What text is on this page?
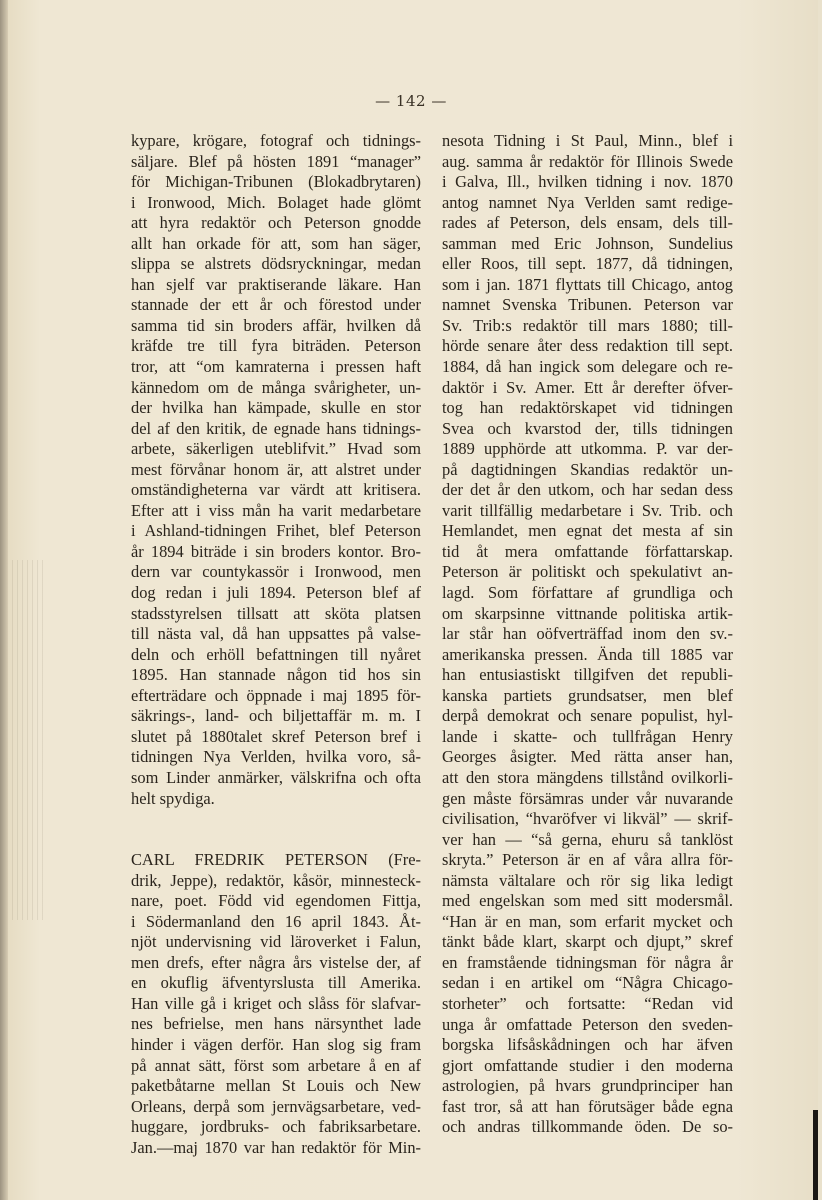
— 142 —
kypare, krögare, fotograf och tidnings-
säljare. Blef på hösten 1891 “manager”
för Michigan-Tribunen (Blokadbrytaren)
i Ironwood, Mich. Bolaget hade glömt
att hyra redaktör och Peterson gnodde
allt han orkade för att, som han säger,
slippa se alstrets dödsryckningar, medan
han sjelf var praktiserande läkare. Han
stannade der ett år och förestod under
samma tid sin broders affär, hvilken då
kräfde tre till fyra biträden. Peterson
tror, att “om kamraterna i pressen haft
kännedom om de många svårigheter, un-
der hvilka han kämpade, skulle en stor
del af den kritik, de egnade hans tidnings-
arbete, säkerligen uteblifvit.” Hvad som
mest förvånar honom är, att alstret under
omständigheterna var värdt att kritisera.
Efter att i viss mån ha varit medarbetare
i Ashland-tidningen Frihet, blef Peterson
år 1894 biträde i sin broders kontor. Bro-
dern var countykassör i Ironwood, men
dog redan i juli 1894. Peterson blef af
stadsstyrelsen tillsatt att sköta platsen
till nästa val, då han uppsattes på valse-
deln och erhöll befattningen till nyåret
1895. Han stannade någon tid hos sin
efterträdare och öppnade i maj 1895 för-
säkrings-, land- och biljettaffär m. m. I
slutet på 1880talet skref Peterson bref i
tidningen Nya Verlden, hvilka voro, så-
som Linder anmärker, välskrifna och ofta
helt spydiga.
CARL FREDRIK PETERSON (Fre-
drik, Jeppe), redaktör, kåsör, minnesteck-
nare, poet. Född vid egendomen Fittja,
i Södermanland den 16 april 1843. Åt-
njöt undervisning vid läroverket i Falun,
men drefs, efter några års vistelse der, af
en okuflig äfventyrslusta till Amerika.
Han ville gå i kriget och slåss för slafvar-
nes befrielse, men hans närsynthet lade
hinder i vägen derför. Han slog sig fram
på annat sätt, först som arbetare å en af
paketbåtarne mellan St Louis och New
Orleans, derpå som jernvägsarbetare, ved-
huggare, jordbruks- och fabriksarbetare.
Jan.—maj 1870 var han redaktör för Min-
nesota Tidning i St Paul, Minn., blef i
aug. samma år redaktör för Illinois Swede
i Galva, Ill., hvilken tidning i nov. 1870
antog namnet Nya Verlden samt redige-
rades af Peterson, dels ensam, dels till-
samman med Eric Johnson, Sundelius
eller Roos, till sept. 1877, då tidningen,
som i jan. 1871 flyttats till Chicago, antog
namnet Svenska Tribunen. Peterson var
Sv. Trib:s redaktör till mars 1880; till-
hörde senare åter dess redaktion till sept.
1884, då han ingick som delegare och re-
daktör i Sv. Amer. Ett år derefter öfver-
tog han redaktörskapet vid tidningen
Svea och kvarstod der, tills tidningen
1889 upphörde att utkomma. P. var der-
på dagtidningen Skandias redaktör un-
der det år den utkom, och har sedan dess
varit tillfällig medarbetare i Sv. Trib. och
Hemlandet, men egnat det mesta af sin
tid åt mera omfattande författarskap.
Peterson är politiskt och spekulativt an-
lagd. Som författare af grundliga och
om skarpsinne vittnande politiska artik-
lar står han oöfverträffad inom den sv.-
amerikanska pressen. Ända till 1885 var
han entusiastiskt tillgifven det republi-
kanska partiets grundsatser, men blef
derpå demokrat och senare populist, hyl-
lande i skatte- och tullfrågan Henry
Georges åsigter. Med rätta anser han,
att den stora mängdens tillstånd ovilkorli-
gen måste försämras under vår nuvarande
civilisation, “hvaröfver vi likväl” — skrif-
ver han — “så gerna, ehuru så tanklöst
skryta.” Peterson är en af våra allra för-
nämsta vältalare och rör sig lika ledigt
med engelskan som med sitt modersmål.
“Han är en man, som erfarit mycket och
tänkt både klart, skarpt och djupt,” skref
en framstående tidningsman för några år
sedan i en artikel om “Några Chicago-
storheter” och fortsatte: “Redan vid
unga år omfattade Peterson den sveden-
borgska lifsåskådningen och har äfven
gjort omfattande studier i den moderna
astrologien, på hvars grundprinciper han
fast tror, så att han förutsäger både egna
och andras tillkommande öden. De so-
